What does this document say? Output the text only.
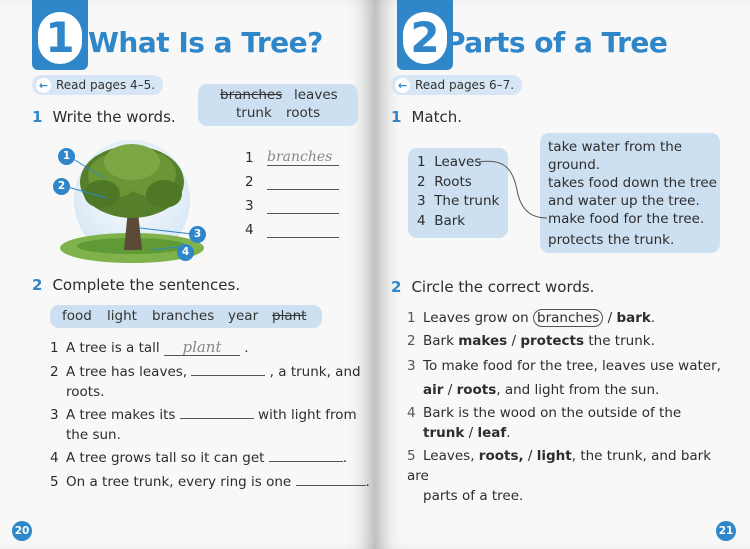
1 What Is a Tree?
← Read pages 4–5.
1 Write the words.
branches leaves
trunk roots
1
2
3
4
1 branches
2
3
4
2 Complete the sentences.
food light branches year plant
1 A tree is a tall plant .
2 A tree has leaves,	, a trunk, and
roots.
3 A tree makes its	with light from
the sun.
4 A tree grows tall so it can get	.
5 On a tree trunk, every ring is one	.
20
2 Parts of a Tree
← Read pages 6–7.
1 Match.
1 Leaves
2 Roots
3 The trunk
4 Bark
take water from the
ground.
takes food down the tree
and water up the tree.
make food for the tree.
protects the trunk.
2 Circle the correct words.
1 Leaves grow on branches / bark.
2 Bark makes / protects the trunk.
3 To make food for the tree, leaves use water,
air / roots, and light from the sun.
4 Bark is the wood on the outside of the
trunk / leaf.
5 Leaves, roots, / light, the trunk, and bark are
parts of a tree.
21
